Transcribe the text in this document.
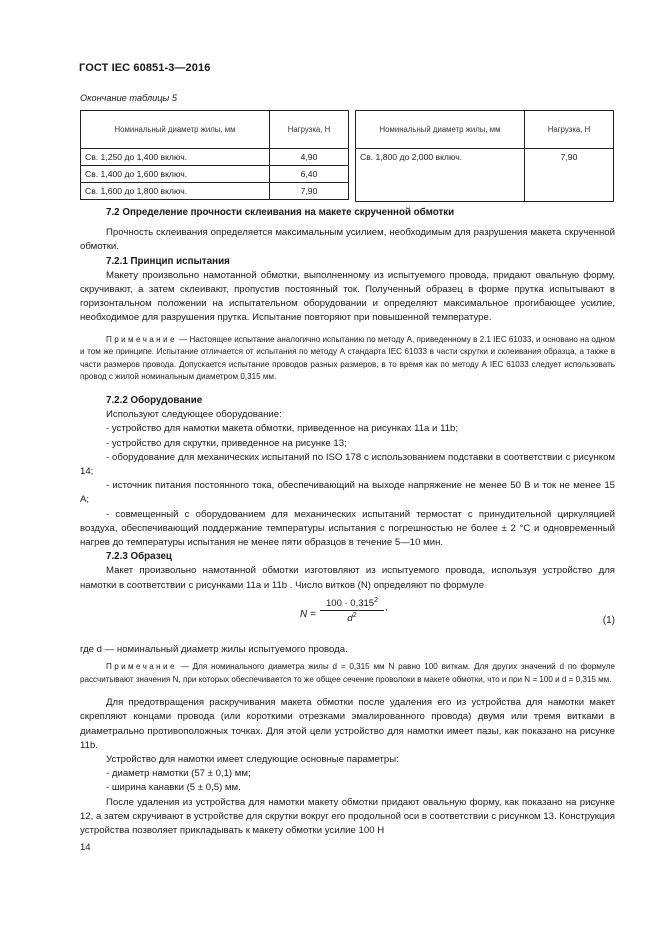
ГОСТ IEC 60851-3—2016
Окончание таблицы 5
Номинальный диаметр жилы, мм	Нагрузка, Н
Св. 1,250 до 1,400 включ.	4,90
Св. 1,400 до 1,600 включ.	6,40
Св. 1,600 до 1,800 включ.	7,90
Номинальный диаметр жилы, мм	Нагрузка, Н
Св. 1,800 до 2,000 включ.	7,90
7.2 Определение прочности склеивания на макете скрученной обмотки
Прочность склеивания определяется максимальным усилием, необходимым для разрушения макета скрученной обмотки.
7.2.1 Принцип испытания
Макету произвольно намотанной обмотки, выполненному из испытуемого провода, придают овальную форму, скручивают, а затем склеивают, пропустив постоянный ток. Полученный образец в форме прутка испытывают в горизонтальном положении на испытательном оборудовании и определяют максимальное прогибающее усилие, необходимое для разрушения прутка. Испытание повторяют при повышенной температуре.
Примечание — Настоящее испытание аналогично испытанию по методу А, приведенному в 2.1 IEC 61033, и основано на одном и том же принципе. Испытание отличается от испытания по методу А стандарта IEC 61033 в части скрутки и склеивания образца, а также в части размеров провода. Допускается испытание проводов разных размеров, в то время как по методу А IEC 61033 следует использовать провод с жилой номинальным диаметром 0,315 мм.
7.2.2 Оборудование
Используют следующее оборудование:
- устройство для намотки макета обмотки, приведенное на рисунках 11a и 11b;
- устройство для скрутки, приведенное на рисунке 13;
- оборудование для механических испытаний по ISO 178 с использованием подставки в соответствии с рисунком 14;
- источник питания постоянного тока, обеспечивающий на выходе напряжение не менее 50 В и ток не менее 15 А;
- совмещенный с оборудованием для механических испытаний термостат с принудительной циркуляцией воздуха, обеспечивающий поддержание температуры испытания с погрешностью не более ± 2 °С и одновременный нагрев до температуры испытания не менее пяти образцов в течение 5—10 мин.
7.2.3 Образец
Макет произвольно намотанной обмотки изготовляют из испытуемого провода, используя устройство для намотки в соответствии с рисунками 11a и 11b . Число витков (N) определяют по формуле
N =
$100 \cdot 0,315^2$
$d^2$
,
(1)
где d — номинальный диаметр жилы испытуемого провода.
Примечание — Для номинального диаметра жилы d = 0,315 мм N равно 100 виткам. Для других значений d по формуле рассчитывают значения N, при которых обеспечивается то же общее сечение проволоки в макете обмотки, что и при N = 100 и d = 0,315 мм.
Для предотвращения раскручивания макета обмотки после удаления его из устройства для намотки макет скрепляют концами провода (или короткими отрезками эмалированного провода) двумя или тремя витками в диаметрально противоположных точках. Для этой цели устройство для намотки имеет пазы, как показано на рисунке 11b.
Устройство для намотки имеет следующие основные параметры:
- диаметр намотки (57 ± 0,1) мм;
- ширина канавки (5 ± 0,5) мм.
После удаления из устройства для намотки макету обмотки придают овальную форму, как показано на рисунке 12, а затем скручивают в устройстве для скрутки вокруг его продольной оси в соответствии с рисунком 13. Конструкция устройства позволяет прикладывать к макету обмотки усилие 100 Н
14
